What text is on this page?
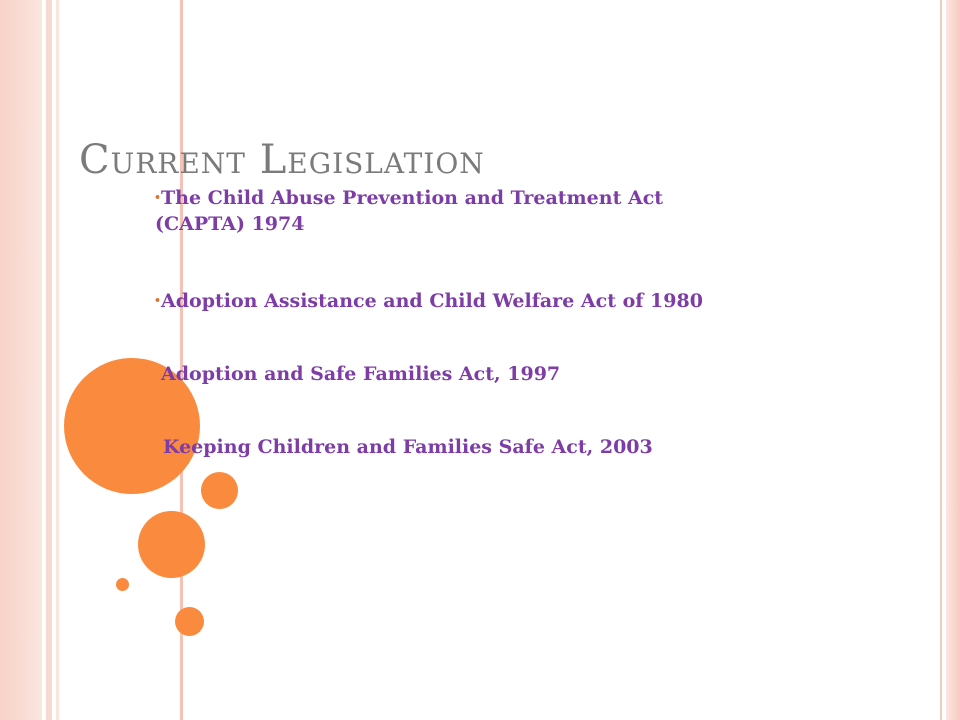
Current Legislation
• The Child Abuse Prevention and Treatment Act
(CAPTA) 1974
• Adoption Assistance and Child Welfare Act of 1980
Adoption and Safe Families Act, 1997
Keeping Children and Families Safe Act, 2003
